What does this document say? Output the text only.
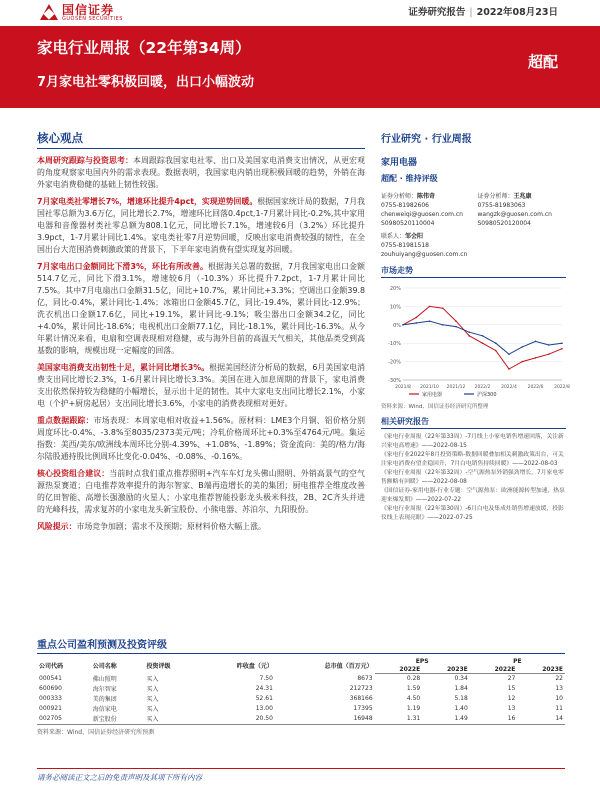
国信证券
GUOSEN SECURITIES
证券研究报告 | 2022年08月23日
家电行业周报（22年第34周）
7月家电社零积极回暖，出口小幅波动
超配
核心观点

本周研究跟踪与投资思考：本周跟踪我国家电社零、出口及美国家电消费支出情况，从更宏观的角度观察家电国内外的需求表现。数据表明，我国家电内销出现积极回暖的趋势，外销在海外家电消费稳健的基础上韧性较强。

7月家电类社零增长7%，增速环比提升4pct，实现逆势回暖。根据国家统计局的数据，7月我国社零总额为3.6万亿，同比增长2.7%，增速环比回落0.4pct,1-7月累计同比-0.2%,其中家用电器和音像器材类社零总额为808.1亿元，同比增长7.1%，增速较6月（3.2%）环比提升3.9pct，1-7月累计同比1.4%。家电类社零7月逆势回暖，反映出家电消费较强的韧性，在全国出台大范围消费刺激政策的背景下，下半年家电消费有望实现复苏回暖。

7月家电出口金额同比下滑3%，环比有所改善。根据海关总署的数据，7月我国家电出口金额514.7亿元，同比下滑3.1%，增速较6月（-10.3%）环比提升7.2pct，1-7月累计同比7.5%。其中7月电扇出口金额31.5亿，同比+10.7%，累计同比+3.3%；空调出口金额39.8亿，同比-0.4%，累计同比-1.4%；冰箱出口金额45.7亿，同比-19.4%，累计同比-12.9%；洗衣机出口金额17.6亿，同比+19.1%，累计同比-9.1%；吸尘器出口金额34.2亿，同比+4.0%，累计同比-18.6%；电视机出口金额77.1亿，同比-18.1%，累计同比-16.3%。从今年累计情况来看，电扇和空调表现相对稳健，或与海外目前的高温天气相关，其他品类受到高基数的影响，规模出现一定幅度的回落。

美国家电消费支出韧性十足，累计同比增长3%。根据美国经济分析局的数据，6月美国家电消费支出同比增长2.3%，1-6月累计同比增长3.3%。美国在进入加息周期的背景下，家电消费支出依然保持较为稳健的小幅增长，显示出十足的韧性。其中大家电支出同比增长2.1%，小家电（个护+厨房起居）支出同比增长3.6%，小家电的消费表现相对更好。

重点数据跟踪：市场表现：本周家电相对收益+1.56%。原材料：LME3个月铜、铝价格分别周度环比-0.4%、-3.8%至8035/2373美元/吨；冷轧价格周环比+0.3%至4764元/吨。集运指数：美西/美东/欧洲线本周环比分别-4.39%、+1.08%、-1.89%；资金流向：美的/格力/海尔陆股通持股比例周环比变化-0.04%、-0.08%、-0.16%。

核心投资组合建议：当前时点我们重点推荐照明+汽车车灯龙头佛山照明、外销高景气的空气源热泵赛道；白电推荐效率提升的海尔智家、B端再造增长的美的集团；厨电推荐全维度改善的亿田智能、高增长强激励的火星人；小家电推荐智能投影龙头极米科技，2B、2C齐头并进的光峰科技，需求复苏的小家电龙头新宝股份、小熊电器、苏泊尔、九阳股份。

风险提示：市场竞争加剧；需求不及预期；原材料价格大幅上涨。

重点公司盈利预测及投资评级
公司代码	公司名称	投资评级	昨收盘（元）	总市值（百万元）	EPS		PE	
					2022E	2023E	2022E	2023E
000541	佛山照明	买入	7.50	8673	0.28	0.34	27	22
600690	海尔智家	买入	24.31	212723	1.59	1.84	15	13
000333	美的集团	买入	52.61	368166	4.50	5.18	12	10
000921	海信家电	买入	13.00	17395	1.19	1.40	13	11
002705	新宝股份	买入	20.50	16948	1.31	1.49	16	14
资料来源：Wind、国信证券经济研究所预测
行业研究 · 行业周报
家用电器
超配 · 维持评级
证券分析师：陈伟奇
0755-81982606
chenweiqi@guosen.com.cn
S0980520110004
证券分析师：王兆康
0755-81983063
wangzk@guosen.com.cn
S0980520120004
联系人：邹会阳
0755-81981518
zouhuiyang@guosen.com.cn
市场走势
-30%
-20%
-10%
0%
10%
20%
2021/8 2021/10 2021/12 2022/2 2022/4 2022/6 2022/8
家用电器	沪深300
资料来源：Wind、国信证券经济研究所整理
相关研究报告
《家电行业周报（22年第33周）-7月线上小家电销售增速回落，关注新兴家电高增速》——2022-08-15
《家电行业2022年8月投资策略-数据回暖叠加相关刺激政策出台，可关注家电消费有望企稳回升，7月白电销售持续回暖》——2022-08-03
《家电行业周报（22年第32周）-空气源热泵外销强劲增长，7月家电零售额略有回暖》——2022-08-08
《国信证券-家用电器-行业专题：空气源热泵：欧洲能源转型加速，热泵迎来爆发期》——2022-07-22
《家电行业周报（22年第30周）-6月白电及集成灶销售增速放缓，投影仪线上表现亮眼》——2022-07-25
请务必阅读正文之后的免责声明及其项下所有内容
